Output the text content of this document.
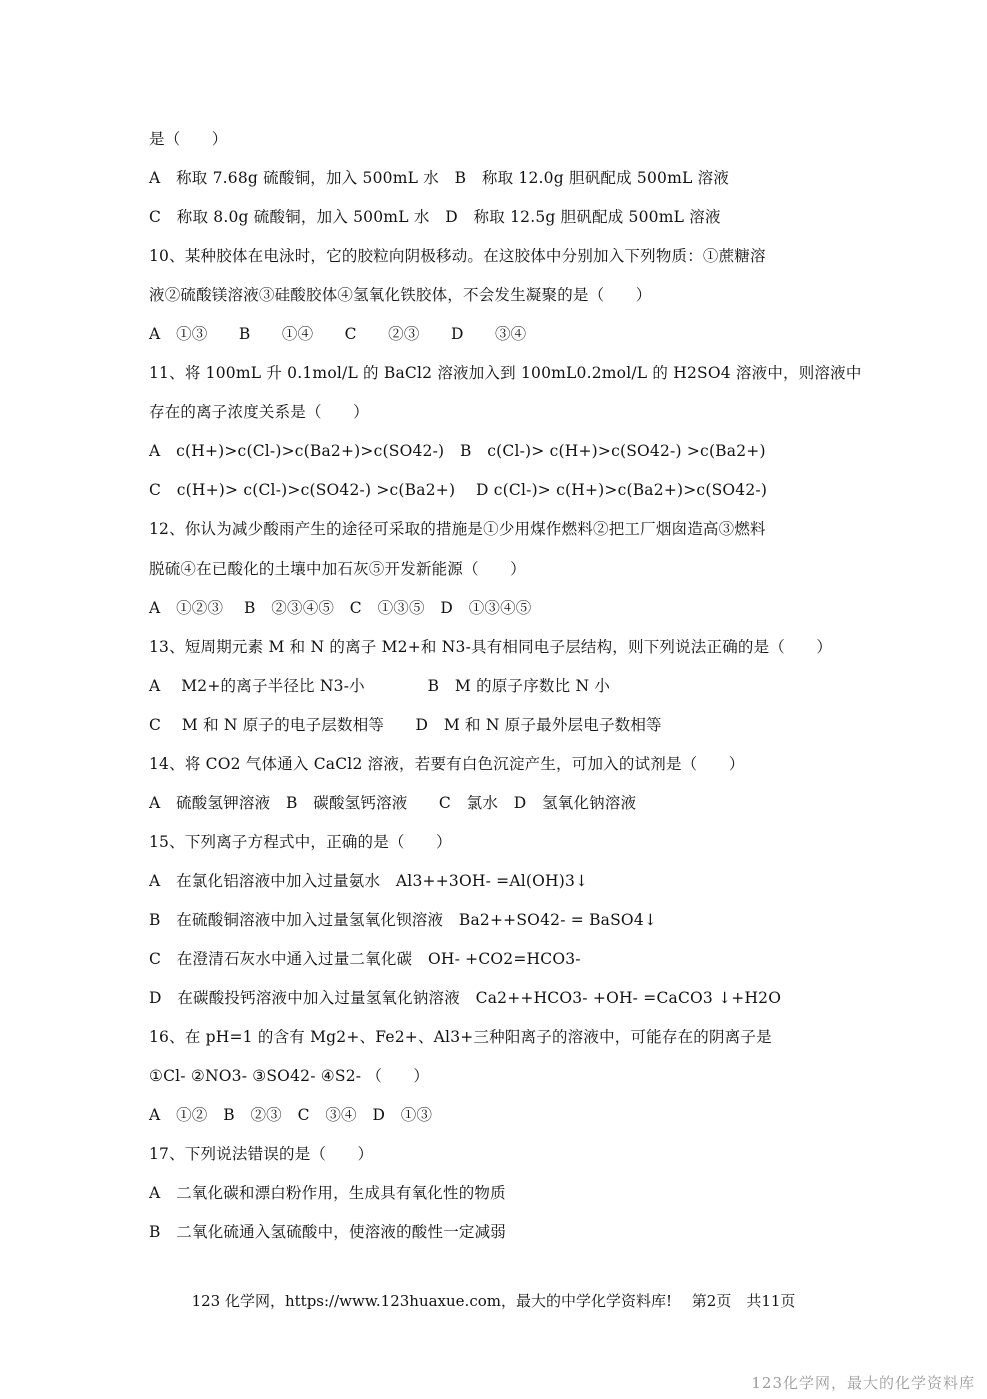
是（　　）
A　称取 7.68g 硫酸铜，加入 500mL 水　B　称取 12.0g 胆矾配成 500mL 溶液
C　称取 8.0g 硫酸铜，加入 500mL 水　D　称取 12.5g 胆矾配成 500mL 溶液
10、某种胶体在电泳时，它的胶粒向阴极移动。在这胶体中分别加入下列物质：①蔗糖溶
液②硫酸镁溶液③硅酸胶体④氢氧化铁胶体，不会发生凝聚的是（　　）
A　①③　　B　　①④　　C　　②③　　D　　③④
11、将 100mL 升 0.1mol/L 的 BaCl2 溶液加入到 100mL0.2mol/L 的 H2SO4 溶液中，则溶液中
存在的离子浓度关系是（　　）
A　c(H+)>c(Cl-)>c(Ba2+)>c(SO42-)　B　c(Cl-)> c(H+)>c(SO42-) >c(Ba2+)
C　c(H+)> c(Cl-)>c(SO42-) >c(Ba2+)　 D c(Cl-)> c(H+)>c(Ba2+)>c(SO42-)
12、你认为减少酸雨产生的途径可采取的措施是①少用煤作燃料②把工厂烟囱造高③燃料
脱硫④在已酸化的土壤中加石灰⑤开发新能源（　　）
A　①②③　 B　②③④⑤　C　①③⑤　D　①③④⑤
13、短周期元素 M 和 N 的离子 M2+和 N3-具有相同电子层结构，则下列说法正确的是（　　）
A　 M2+的离子半径比 N3-小　　　　B　M 的原子序数比 N 小
C　 M 和 N 原子的电子层数相等　　D　M 和 N 原子最外层电子数相等
14、将 CO2 气体通入 CaCl2 溶液，若要有白色沉淀产生，可加入的试剂是（　　）
A　硫酸氢钾溶液　B　碳酸氢钙溶液　　C　氯水　D　氢氧化钠溶液
15、下列离子方程式中，正确的是（　　）
A　在氯化铝溶液中加入过量氨水　Al3++3OH- =Al(OH)3↓
B　在硫酸铜溶液中加入过量氢氧化钡溶液　Ba2++SO42- = BaSO4↓
C　在澄清石灰水中通入过量二氧化碳　OH- +CO2=HCO3-
D　在碳酸投钙溶液中加入过量氢氧化钠溶液　Ca2++HCO3- +OH- =CaCO3 ↓+H2O
16、在 pH=1 的含有 Mg2+、Fe2+、Al3+三种阳离子的溶液中，可能存在的阴离子是
①Cl- ②NO3- ③SO42- ④S2- （　　）
A　①②　B　②③　C　③④　D　①③
17、下列说法错误的是（　　）
A　二氧化碳和漂白粉作用，生成具有氧化性的物质
B　二氧化硫通入氢硫酸中，使溶液的酸性一定减弱
123 化学网，https://www.123huaxue.com，最大的中学化学资料库!　 第2页　共11页
123化学网，最大的化学资料库
